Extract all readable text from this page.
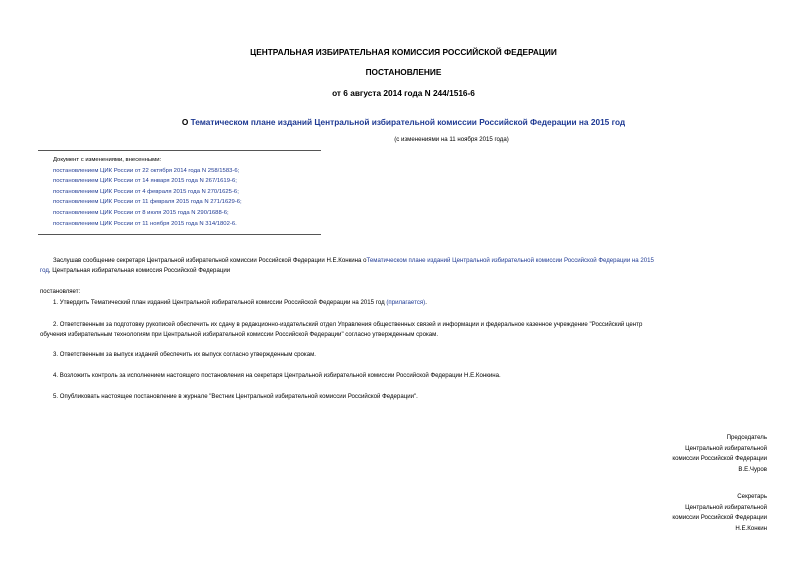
ЦЕНТРАЛЬНАЯ ИЗБИРАТЕЛЬНАЯ КОМИССИЯ РОССИЙСКОЙ ФЕДЕРАЦИИ
ПОСТАНОВЛЕНИЕ
от 6 августа 2014 года N 244/1516-6
О Тематическом плане изданий Центральной избирательной комиссии Российской Федерации на 2015 год
(с изменениями на 11 ноября 2015 года)
Документ с изменениями, внесенными:
постановлением ЦИК России от 22 октября 2014 года N 258/1583-6;
постановлением ЦИК России от 14 января 2015 года N 267/1619-6;
постановлением ЦИК России от 4 февраля 2015 года N 270/1625-6;
постановлением ЦИК России от 11 февраля 2015 года N 271/1629-6;
постановлением ЦИК России от 8 июля 2015 года N 290/1688-6;
постановлением ЦИК России от 11 ноября 2015 года N 314/1802-6.
Заслушав сообщение секретаря Центральной избирательной комиссии Российской Федерации Н.Е.Конкина оТематическом плане изданий Центральной избирательной комиссии Российской Федерации на 2015
год, Центральная избирательная комиссия Российской Федерации
постановляет:
1. Утвердить Тематический план изданий Центральной избирательной комиссии Российской Федерации на 2015 год (прилагается).
2. Ответственным за подготовку рукописей обеспечить их сдачу в редакционно-издательский отдел Управления общественных связей и информации и федеральное казенное учреждение "Российский центр
обучения избирательным технологиям при Центральной избирательной комиссии Российской Федерации" согласно утвержденным срокам.
3. Ответственным за выпуск изданий обеспечить их выпуск согласно утвержденным срокам.
4. Возложить контроль за исполнением настоящего постановления на секретаря Центральной избирательной комиссии Российской Федерации Н.Е.Конкина.
5. Опубликовать настоящее постановление в журнале "Вестник Центральной избирательной комиссии Российской Федерации".
Председатель
Центральной избирательной
комиссии Российской Федерации
В.Е.Чуров
Секретарь
Центральной избирательной
комиссии Российской Федерации
Н.Е.Конкин
